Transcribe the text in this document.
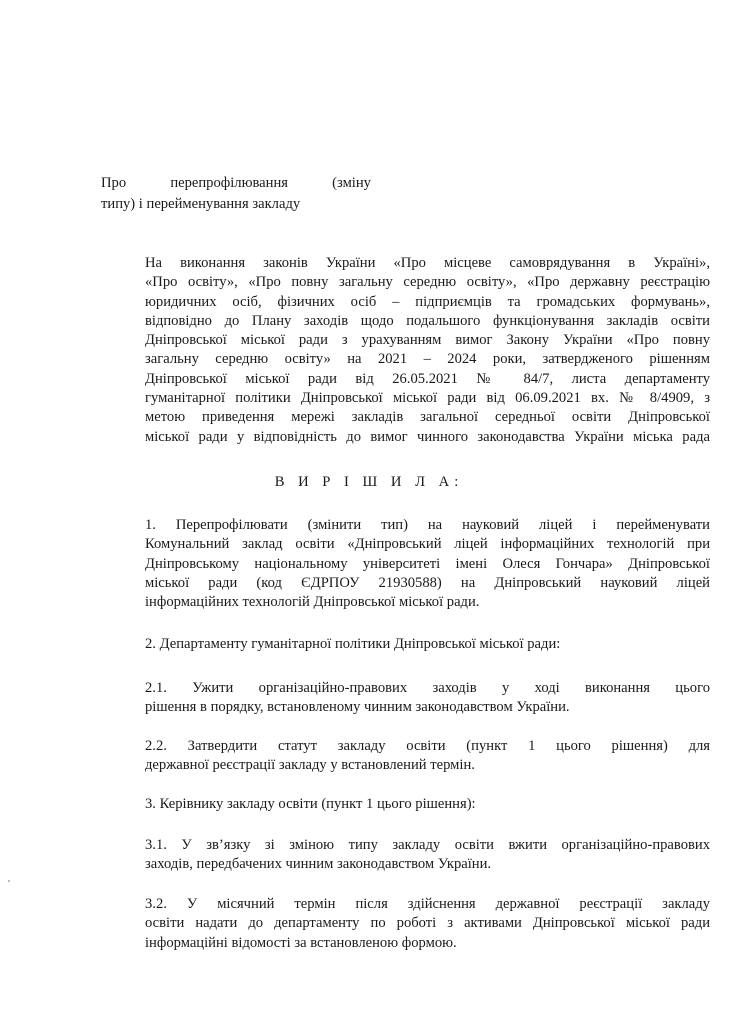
Про	перепрофілювання	(зміну
типу) і перейменування закладу
На виконання законів України «Про місцеве самоврядування в Україні»,
«Про освіту», «Про повну загальну середню освіту», «Про державну реєстрацію
юридичних осіб, фізичних осіб – підприємців та громадських формувань»,
відповідно до Плану заходів щодо подальшого функціонування закладів освіти
Дніпровської міської ради з урахуванням вимог Закону України «Про повну
загальну середню освіту» на 2021 – 2024 роки, затвердженого рішенням
Дніпровської міської ради від 26.05.2021 № 84/7, листа департаменту
гуманітарної політики Дніпровської міської ради від 06.09.2021 вх. № 8/4909, з
метою приведення мережі закладів загальної середньої освіти Дніпровської
міської ради у відповідність до вимог чинного законодавства України міська рада
В И Р І Ш И Л А:
1. Перепрофілювати (змінити тип) на науковий ліцей і перейменувати
Комунальний заклад освіти «Дніпровський ліцей інформаційних технологій при
Дніпровському національному університеті імені Олеся Гончара» Дніпровської
міської ради (код ЄДРПОУ 21930588) на Дніпровський науковий ліцей
інформаційних технологій Дніпровської міської ради.
2. Департаменту гуманітарної політики Дніпровської міської ради:
2.1. Ужити організаційно-правових заходів у ході виконання цього
рішення в порядку, встановленому чинним законодавством України.
2.2. Затвердити статут закладу освіти (пункт 1 цього рішення) для
державної реєстрації закладу у встановлений термін.
3. Керівнику закладу освіти (пункт 1 цього рішення):
3.1. У зв’язку зі зміною типу закладу освіти вжити організаційно-правових
заходів, передбачених чинним законодавством України.
3.2. У місячний термін після здійснення державної реєстрації закладу
освіти надати до департаменту по роботі з активами Дніпровської міської ради
інформаційні відомості за встановленою формою.
